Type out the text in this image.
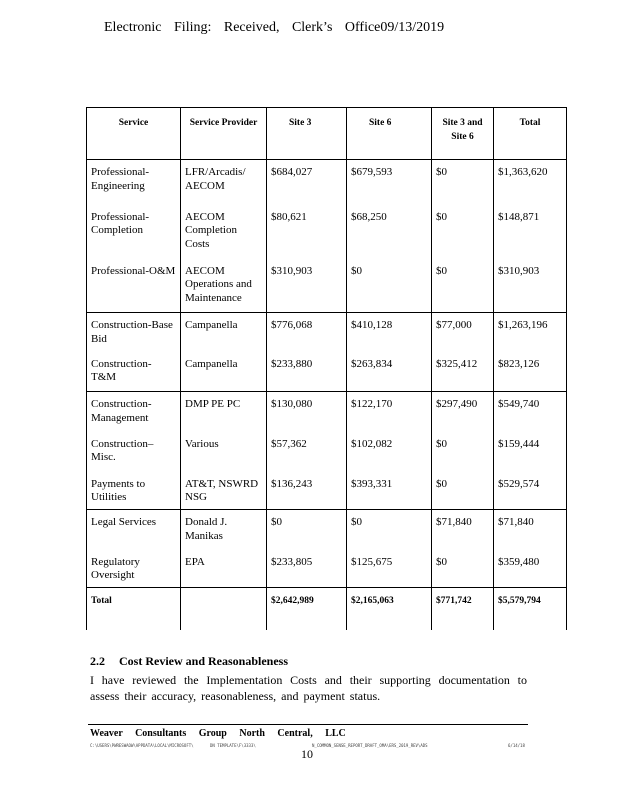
Electronic Filing: Received, Clerk’s Office09/13/2019
Service	Service Provider	Site 3	Site 6	Site 3 and Site 6	Total
Professional-Engineering	LFR/Arcadis/ AECOM	$684,027	$679,593	$0	$1,363,620
Professional-Completion	AECOM Completion Costs	$80,621	$68,250	$0	$148,871
Professional-O&M	AECOM Operations and Maintenance	$310,903	$0	$0	$310,903
Construction-Base Bid	Campanella	$776,068	$410,128	$77,000	$1,263,196
Construction-T&M	Campanella	$233,880	$263,834	$325,412	$823,126
Construction-Management	DMP PE PC	$130,080	$122,170	$297,490	$549,740
Construction–Misc.	Various	$57,362	$102,082	$0	$159,444
Payments to Utilities	AT&T, NSWRD NSG	$136,243	$393,331	$0	$529,574
Legal Services	Donald J. Manikas	$0	$0	$71,840	$71,840
Regulatory Oversight	EPA	$233,805	$125,675	$0	$359,480
Total		$2,642,989	$2,165,063	$771,742	$5,579,794
2.2 Cost Review and Reasonableness
I have reviewed the Implementation Costs and their supporting documentation to assess their accuracy, reasonableness, and payment status.
Weaver Consultants Group North Central, LLC
C:\USERS\PWRESWAOW\APPDATA\LOCAL\MICROSOFT\	DN TEMPLATE\F\3333\	N_COMMON_SENSE_REPORT_DRAFT_OMA\ERS_2019_REV\ADS	6/14/18
10
